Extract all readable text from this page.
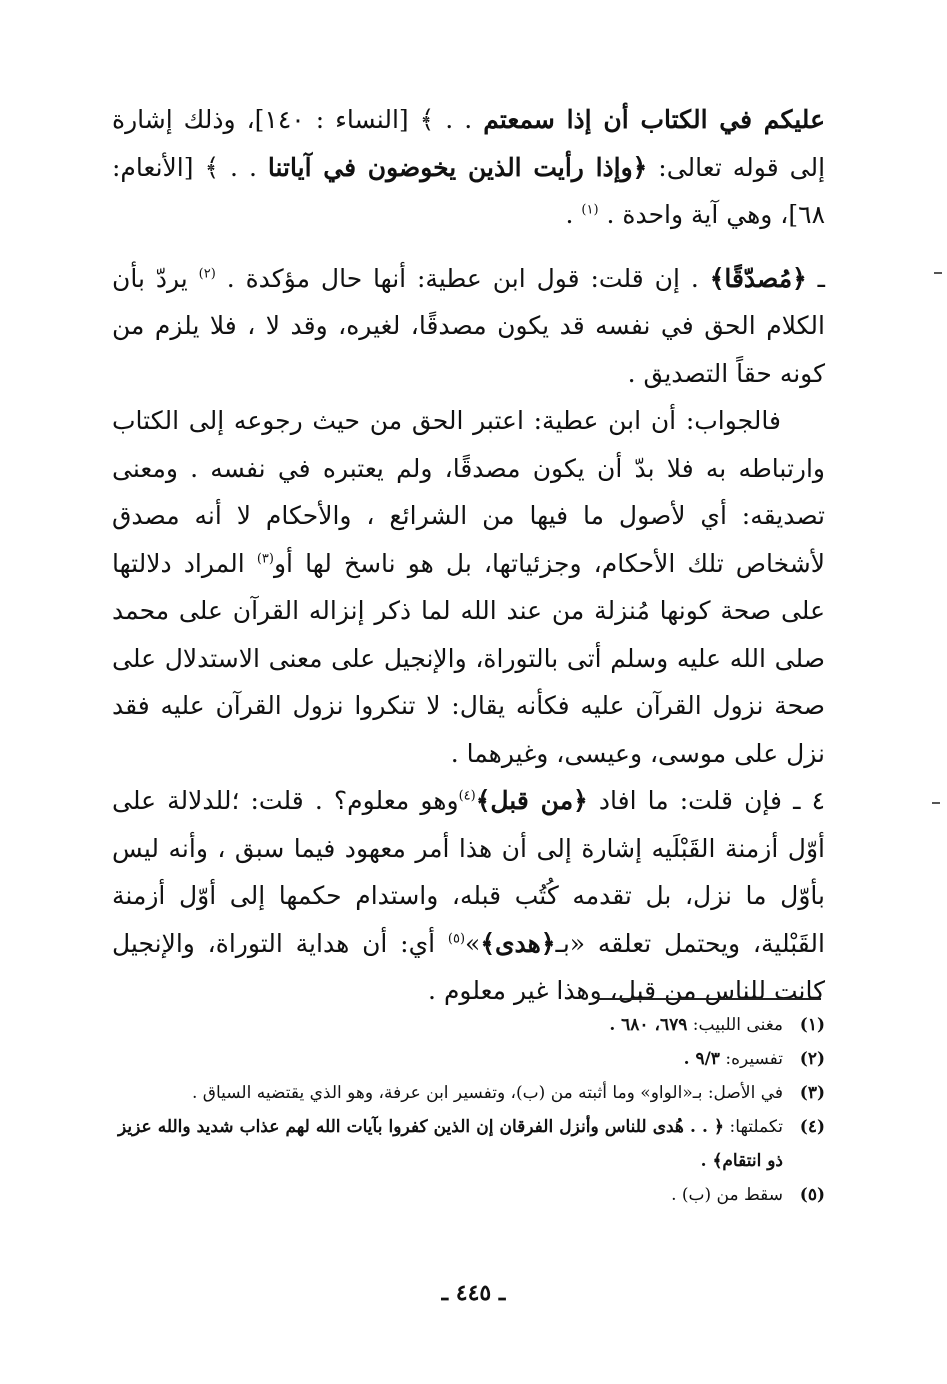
عليكم في الكتاب أن إذا سمعتم . . ﴾ [النساء : ١٤٠]، وذلك إشارة إلى قوله تعالى: ﴿وإذا رأيت الذين يخوضون في آياتنا . . ﴾ [الأنعام: ٦٨]، وهي آية واحدة . $^{(١)}$ .

ـ ﴿مُصدّقًا﴾ . إن قلت: قول ابن عطية: أنها حال مؤكدة . $^{(٢)}$ يردّ بأن الكلام الحق في نفسه قد يكون مصدقًا، لغيره، وقد لا ، فلا يلزم من كونه حقاً التصديق .

فالجواب: أن ابن عطية: اعتبر الحق من حيث رجوعه إلى الكتاب وارتباطه به فلا بدّ أن يكون مصدقًا، ولم يعتبره في نفسه . ومعنى تصديقه: أي لأصول ما فيها من الشرائع ، والأحكام لا أنه مصدق لأشخاص تلك الأحكام، وجزئياتها، بل هو ناسخ لها أو$^{(٣)}$ المراد دلالتها على صحة كونها مُنزلة من عند الله لما ذكر إنزاله القرآن على محمد صلى الله عليه وسلم أتى بالتوراة، والإنجيل على معنى الاستدلال على صحة نزول القرآن عليه فكأنه يقال: لا تنكروا نزول القرآن عليه فقد نزل على موسى، وعيسى، وغيرهما .

٤ ـ فإن قلت: ما افاد ﴿من قبل﴾$^{(٤)}$وهو معلوم؟ . قلت: ؛للدلالة على أوّل أزمنة القَبْلَيه إشارة إلى أن هذا أمر معهود فيما سبق ، وأنه ليس بأوّل ما نزل، بل تقدمه كُتُب قبله، واستدام حكمها إلى أوّل أزمنة القَبْلية، ويحتمل تعلقه «بـ﴿هدى﴾»$^{(٥)}$ أي: أن هداية التوراة، والإنجيل كانت للناس من قبل، وهذا غير معلوم .

(١)
مغنى اللبيب: ٦٧٩، ٦٨٠ .
(٢)
تفسيره: ٩/٣ .
(٣)
في الأصل: بـ«الواو» وما أثبته من (ب)، وتفسير ابن عرفة، وهو الذي يقتضيه السياق .
(٤)
تكملتها: ﴿ . . هُدى للناس وأنزل الفرقان إن الذين كفروا بآيات الله لهم عذاب شديد والله عزيز ذو انتقام﴾ .
(٥)
سقط من (ب) .
ـ ٤٤٥ ـ
